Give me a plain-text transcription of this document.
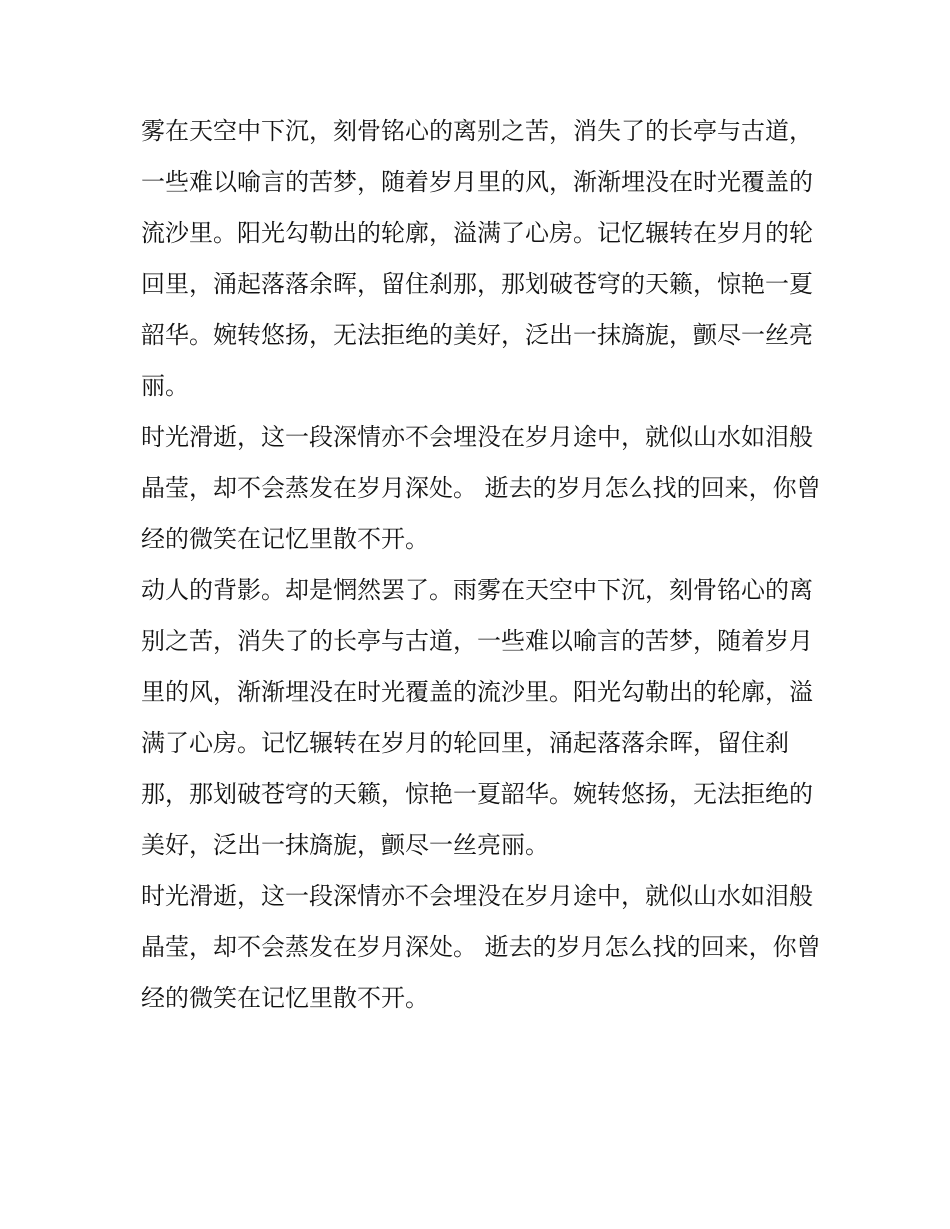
雾在天空中下沉，刻骨铭心的离别之苦，消失了的长亭与古道，一些难以喻言的苦梦，随着岁月里的风，渐渐埋没在时光覆盖的流沙里。阳光勾勒出的轮廓，溢满了心房。记忆辗转在岁月的轮回里，涌起落落余晖，留住刹那，那划破苍穹的天籁，惊艳一夏韶华。婉转悠扬，无法拒绝的美好，泛出一抹旖旎，颤尽一丝亮丽。

时光滑逝，这一段深情亦不会埋没在岁月途中，就似山水如泪般晶莹，却不会蒸发在岁月深处。 逝去的岁月怎么找的回来，你曾经的微笑在记忆里散不开。

动人的背影。却是惘然罢了。雨雾在天空中下沉，刻骨铭心的离别之苦，消失了的长亭与古道，一些难以喻言的苦梦，随着岁月里的风，渐渐埋没在时光覆盖的流沙里。阳光勾勒出的轮廓，溢满了心房。记忆辗转在岁月的轮回里，涌起落落余晖，留住刹那，那划破苍穹的天籁，惊艳一夏韶华。婉转悠扬，无法拒绝的美好，泛出一抹旖旎，颤尽一丝亮丽。

时光滑逝，这一段深情亦不会埋没在岁月途中，就似山水如泪般晶莹，却不会蒸发在岁月深处。 逝去的岁月怎么找的回来，你曾经的微笑在记忆里散不开。
